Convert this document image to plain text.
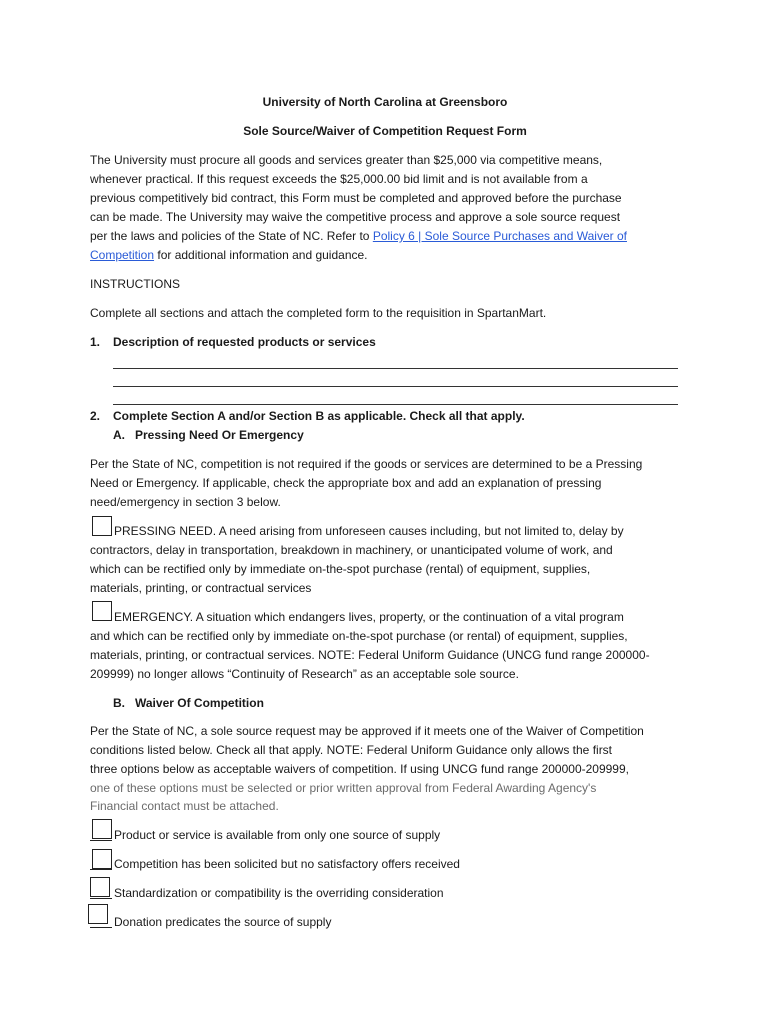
University of North Carolina at Greensboro
Sole Source/Waiver of Competition Request Form
The University must procure all goods and services greater than $25,000 via competitive means,
whenever practical. If this request exceeds the $25,000.00 bid limit and is not available from a
previous competitively bid contract, this Form must be completed and approved before the purchase
can be made. The University may waive the competitive process and approve a sole source request
per the laws and policies of the State of NC. Refer to Policy 6 | Sole Source Purchases and Waiver of
Competition for additional information and guidance.
INSTRUCTIONS
Complete all sections and attach the completed form to the requisition in SpartanMart.
1. Description of requested products or services
2. Complete Section A and/or Section B as applicable. Check all that apply.
A. Pressing Need Or Emergency
Per the State of NC, competition is not required if the goods or services are determined to be a Pressing
Need or Emergency. If applicable, check the appropriate box and add an explanation of pressing
need/emergency in section 3 below.
PRESSING NEED. A need arising from unforeseen causes including, but not limited to, delay by
contractors, delay in transportation, breakdown in machinery, or unanticipated volume of work, and
which can be rectified only by immediate on-the-spot purchase (rental) of equipment, supplies,
materials, printing, or contractual services
EMERGENCY. A situation which endangers lives, property, or the continuation of a vital program
and which can be rectified only by immediate on-the-spot purchase (or rental) of equipment, supplies,
materials, printing, or contractual services. NOTE: Federal Uniform Guidance (UNCG fund range 200000-
209999) no longer allows “Continuity of Research” as an acceptable sole source.
B. Waiver Of Competition
Per the State of NC, a sole source request may be approved if it meets one of the Waiver of Competition
conditions listed below. Check all that apply. NOTE: Federal Uniform Guidance only allows the first
three options below as acceptable waivers of competition. If using UNCG fund range 200000-209999,
one of these options must be selected or prior written approval from Federal Awarding Agency's
Financial contact must be attached.
Product or service is available from only one source of supply
Competition has been solicited but no satisfactory offers received
Standardization or compatibility is the overriding consideration
Donation predicates the source of supply
